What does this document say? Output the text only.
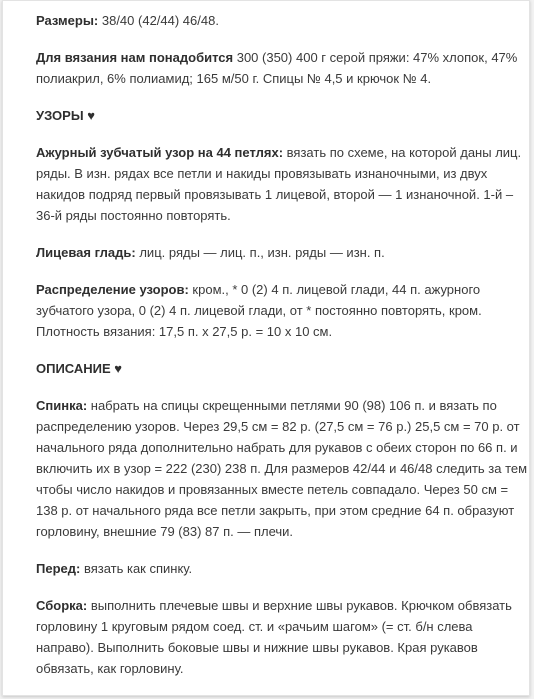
Размеры: 38/40 (42/44) 46/48.

Для вязания нам понадобится 300 (350) 400 г серой пряжи: 47% хлопок, 47% полиакрил, 6% полиамид; 165 м/50 г. Спицы № 4,5 и крючок № 4.

УЗОРЫ ♥

Ажурный зубчатый узор на 44 петлях: вязать по схеме, на которой даны лиц. ряды. В изн. рядах все петли и накиды провязывать изнаночными, из двух накидов подряд первый провязывать 1 лицевой, второй — 1 изнаночной. 1-й – 36-й ряды постоянно повторять.

Лицевая гладь: лиц. ряды — лиц. п., изн. ряды — изн. п.

Распределение узоров: кром., * 0 (2) 4 п. лицевой глади, 44 п. ажурного зубчатого узора, 0 (2) 4 п. лицевой глади, от * постоянно повторять, кром. Плотность вязания: 17,5 п. х 27,5 р. = 10 х 10 см.

ОПИСАНИЕ ♥

Спинка: набрать на спицы скрещенными петлями 90 (98) 106 п. и вязать по распределению узоров. Через 29,5 см = 82 р. (27,5 см = 76 р.) 25,5 см = 70 р. от начального ряда дополнительно набрать для рукавов с обеих сторон по 66 п. и включить их в узор = 222 (230) 238 п. Для размеров 42/44 и 46/48 следить за тем чтобы число накидов и провязанных вместе петель совпадало. Через 50 см = 138 р. от начального ряда все петли закрыть, при этом средние 64 п. образуют горловину, внешние 79 (83) 87 п. — плечи.

Перед: вязать как спинку.

Сборка: выполнить плечевые швы и верхние швы рукавов. Крючком обвязать горловину 1 круговым рядом соед. ст. и «рачьим шагом» (= ст. б/н слева направо). Выполнить боковые швы и нижние швы рукавов. Края рукавов обвязать, как горловину.
